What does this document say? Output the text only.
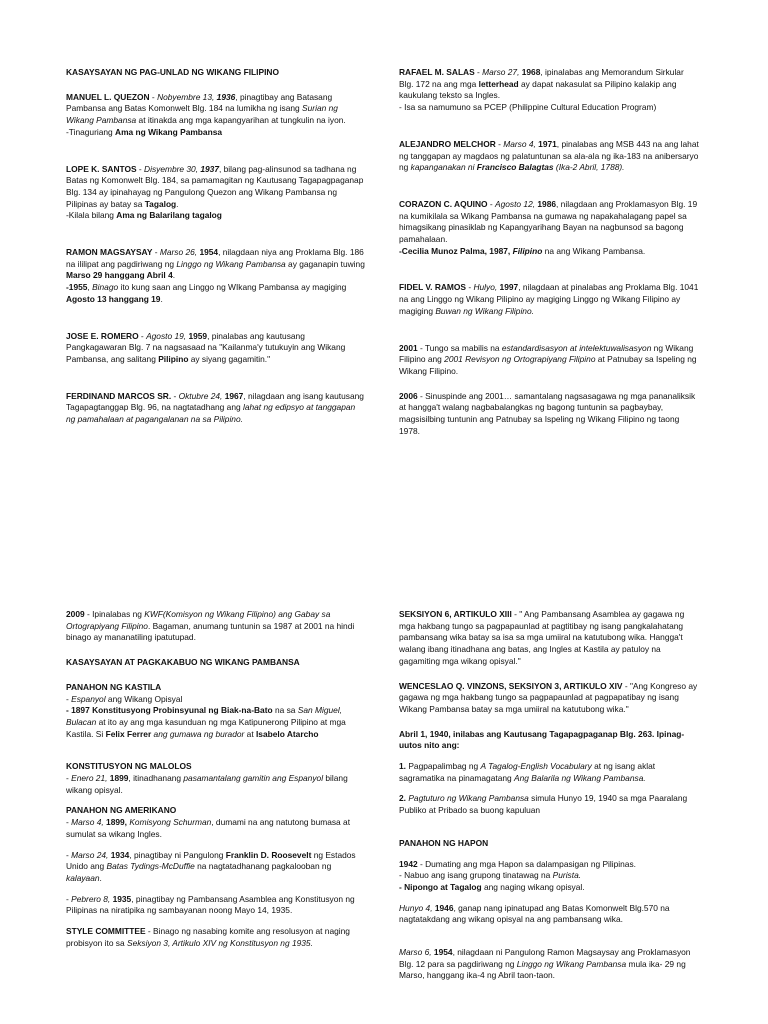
KASAYSAYAN NG PAG-UNLAD NG WIKANG FILIPINO

MANUEL L. QUEZON - Nobyembre 13, 1936, pinagtibay ang Batasang Pambansa ang Batas Komonwelt Blg. 184 na lumikha ng isang Surian ng Wikang Pambansa at itinakda ang mga kapangyarihan at tungkulin na iyon.
-Tinaguriang Ama ng Wikang Pambansa

LOPE K. SANTOS - Disyembre 30, 1937, bilang pag-alinsunod sa tadhana ng Batas ng Komonwelt Blg. 184, sa pamamagitan ng Kautusang Tagapagpaganap Blg. 134 ay ipinahayag ng Pangulong Quezon ang Wikang Pambansa ng Pilipinas ay batay sa Tagalog.
-Kilala bilang Ama ng Balarilang tagalog

RAMON MAGSAYSAY - Marso 26, 1954, nilagdaan niya ang Proklama Blg. 186 na ililipat ang pagdiriwang ng Linggo ng Wikang Pambansa ay gaganapin tuwing Marso 29 hanggang Abril 4.
-1955, Binago ito kung saan ang Linggo ng WIkang Pambansa ay magiging Agosto 13 hanggang 19.

JOSE E. ROMERO - Agosto 19, 1959, pinalabas ang kautusang Pangkagawaran Blg. 7 na nagsasaad na "Kailanma'y tutukuyin ang Wikang Pambansa, ang salitang Pilipino ay siyang gagamitin."

FERDINAND MARCOS SR. - Oktubre 24, 1967, nilagdaan ang isang kautusang Tagapagtanggap Blg. 96, na nagtatadhang ang lahat ng edipsyo at tanggapan ng pamahalaan at pagangalanan na sa Pilipino.

RAFAEL M. SALAS - Marso 27, 1968, ipinalabas ang Memorandum Sirkular Blg. 172 na ang mga letterhead ay dapat nakasulat sa Pilipino kalakip ang kaukulang teksto sa Ingles.
- Isa sa namumuno sa PCEP (Philippine Cultural Education Program)

ALEJANDRO MELCHOR - Marso 4, 1971, pinalabas ang MSB 443 na ang lahat ng tanggapan ay magdaos ng palatuntunan sa ala-ala ng ika-183 na anibersaryo ng kapanganakan ni Francisco Balagtas (Ika-2 Abril, 1788).

CORAZON C. AQUINO - Agosto 12, 1986, nilagdaan ang Proklamasyon Blg. 19 na kumikilala sa Wikang Pambansa na gumawa ng napakahalagang papel sa himagsikang pinasiklab ng Kapangyarihang Bayan na nagbunsod sa bagong pamahalaan.
-Cecilia Munoz Palma, 1987, Filipino na ang Wikang Pambansa.

FIDEL V. RAMOS - Hulyo, 1997, nilagdaan at pinalabas ang Proklama Blg. 1041 na ang Linggo ng Wikang Pilipino ay magiging Linggo ng Wikang Filipino ay magiging Buwan ng Wikang Filipino.

2001 - Tungo sa mabilis na estandardisasyon at intelektuwalisasyon ng Wikang Filipino ang 2001 Revisyon ng Ortograpiyang Filipino at Patnubay sa Ispeling ng Wikang Filipino.

2006 - Sinuspinde ang 2001… samantalang nagsasagawa ng mga pananaliksik at hangga't walang nagbabalangkas ng bagong tuntunin sa pagbaybay, magsisilbing tuntunin ang Patnubay sa Ispeling ng Wikang Filipino ng taong 1978.

2009 - Ipinalabas ng KWF(Komisyon ng Wikang Filipino) ang Gabay sa Ortograpiyang Filipino. Bagaman, anumang tuntunin sa 1987 at 2001 na hindi binago ay mananatiling ipatutupad.

KASAYSAYAN AT PAGKAKABUO NG WIKANG PAMBANSA

PANAHON NG KASTILA
- Espanyol ang Wikang Opisyal
- 1897 Konstitusyong Probinsyunal ng Biak-na-Bato na sa San Miguel, Bulacan at ito ay ang mga kasunduan ng mga Katipunerong Pilipino at mga Kastila. Si Felix Ferrer ang gumawa ng burador at Isabelo Atarcho

KONSTITUSYON NG MALOLOS
- Enero 21, 1899, itinadhanang pasamantalang gamitin ang Espanyol bilang wikang opisyal.

PANAHON NG AMERIKANO
- Marso 4, 1899, Komisyong Schurman, dumami na ang natutong bumasa at sumulat sa wikang Ingles.

- Marso 24, 1934, pinagtibay ni Pangulong Franklin D. Roosevelt ng Estados Unido ang Batas Tydings-McDuffie na nagtatadhanang pagkalooban ng kalayaan.

- Pebrero 8, 1935, pinagtibay ng Pambansang Asamblea ang Konstitusyon ng Pilipinas na niratipika ng sambayanan noong Mayo 14, 1935.

STYLE COMMITTEE - Binago ng nasabing komite ang resolusyon at naging probisyon ito sa Seksiyon 3, Artikulo XIV ng Konstitusyon ng 1935.

SEKSIYON 6, ARTIKULO XIII - " Ang Pambansang Asamblea ay gagawa ng mga hakbang tungo sa pagpapaunlad at pagtitibay ng isang pangkalahatang pambansang wika batay sa isa sa mga umiiral na katutubong wika. Hangga't walang ibang itinadhana ang batas, ang Ingles at Kastila ay patuloy na gagamiting mga wikang opisyal."

WENCESLAO Q. VINZONS, SEKSIYON 3, ARTIKULO XIV - "Ang Kongreso ay gagawa ng mga hakbang tungo sa pagpapaunlad at pagpapatibay ng isang Wikang Pambansa batay sa mga umiiral na katutubong wika."

Abril 1, 1940, inilabas ang Kautusang Tagapagpaganap Blg. 263. Ipinag-uutos nito ang:

1. Pagpapalimbag ng A Tagalog-English Vocabulary at ng isang aklat sagramatika na pinamagatang Ang Balarila ng Wikang Pambansa.

2. Pagtuturo ng Wikang Pambansa simula Hunyo 19, 1940 sa mga Paaralang Publiko at Pribado sa buong kapuluan

PANAHON NG HAPON

1942 - Dumating ang mga Hapon sa dalampasigan ng Pilipinas.
- Nabuo ang isang grupong tinatawag na Purista.
- Nipongo at Tagalog ang naging wikang opisyal.

Hunyo 4, 1946, ganap nang ipinatupad ang Batas Komonwelt Blg.570 na nagtatakdang ang wikang opisyal na ang pambansang wika.

Marso 6, 1954, nilagdaan ni Pangulong Ramon Magsaysay ang Proklamasyon Blg. 12 para sa pagdiriwang ng Linggo ng Wikang Pambansa mula ika- 29 ng Marso, hanggang ika-4 ng Abril taon-taon.
